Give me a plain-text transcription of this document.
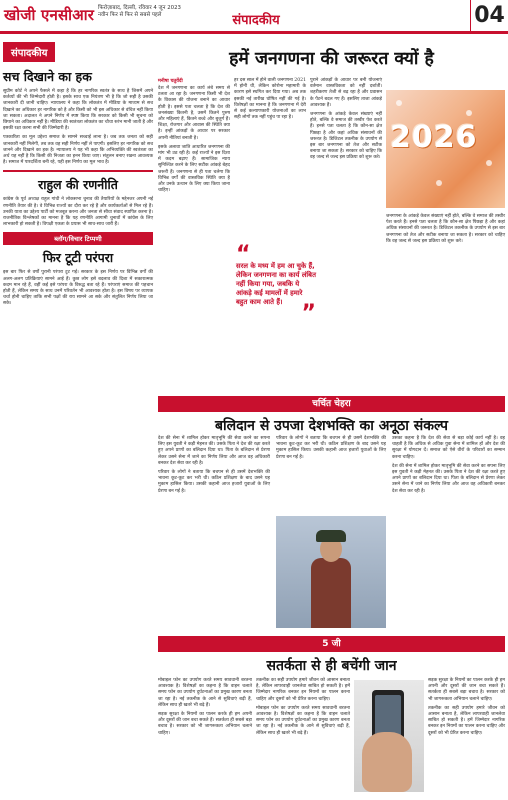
खोजी एनसीआर फिरोज़ाबाद, दिल्ली, रविवार 4 जून 2023
नवीन फिर से फिर से सबसे पहले	संपादकीय	04
संपादकीय
सच दिखाने का हक

सुप्रीम कोर्ट ने अपने फैसले में कहा है कि हर नागरिक स्वतंत्र के साथ है जिसमें अपने कर्तव्यों की भी जिम्मेदारी होती है। इसके साथ एक नियंत्रण भी है कि जो सही है उसकी जानकारी दी जानी चाहिए। न्यायालय ने कहा कि लोकतंत्र में मीडिया के माध्यम से सच दिखाने का अधिकार हर नागरिक को है और किसी को भी इस अधिकार से वंचित नहीं किया जा सकता। अदालत ने अपने निर्णय में स्पष्ट किया कि सरकार को किसी भी सूचना को छिपाने का अधिकार नहीं है। मीडिया की स्वतंत्रता लोकतंत्र का चौथा स्तंभ मानी जाती है और इसकी रक्षा करना सभी की जिम्मेदारी है।

पत्रकारिता का मूल उद्देश्य समाज के सामने सच्चाई लाना है। जब तक जनता को सही जानकारी नहीं मिलेगी, तब तक वह सही निर्णय नहीं ले पाएगी। इसलिए हर नागरिक को सच जानने और दिखाने का हक है। न्यायालय ने यह भी कहा कि अभिव्यक्ति की स्वतंत्रता का अर्थ यह नहीं है कि किसी की निजता का हनन किया जाए। संतुलन बनाए रखना आवश्यक है। समाज में पारदर्शिता बनी रहे, यही इस निर्णय का मूल भाव है।

राहुल की रणनीति

कांग्रेस के पूर्व अध्यक्ष राहुल गांधी ने लोकसभा चुनाव की तैयारियों के मद्देनजर अपनी नई रणनीति तैयार की है। वे विभिन्न राज्यों का दौरा कर रहे हैं और कार्यकर्ताओं से मिल रहे हैं। उनकी यात्रा का उद्देश्य पार्टी को मजबूत करना और जनता से सीधा संवाद स्थापित करना है। राजनीतिक विश्लेषकों का मानना है कि यह रणनीति आगामी चुनावों में कांग्रेस के लिए लाभकारी हो सकती है। विपक्षी एकता के प्रयास भी साथ-साथ जारी हैं।

ब्लॉग/विचार टिप्पणी
फिर टूटी परंपरा

इस बार फिर से वर्षों पुरानी परंपरा टूट गई। सरकार के इस निर्णय पर विभिन्न वर्गों की अलग-अलग प्रतिक्रियाएं सामने आई हैं। कुछ लोग इसे बदलाव की दिशा में सकारात्मक कदम मान रहे हैं, वहीं कई इसे परंपरा के विरुद्ध बता रहे हैं। परंपराएं समाज की पहचान होती हैं, लेकिन समय के साथ उनमें परिवर्तन भी आवश्यक होता है। इस विषय पर व्यापक चर्चा होनी चाहिए ताकि सभी पक्षों की राय सामने आ सके और संतुलित निर्णय लिया जा सके।

हमें जनगणना की जरूरत क्यों है
मनीषा चतुर्वेदी

देश में जनगणना का कार्य लंबे समय से टलता आ रहा है। जनगणना किसी भी देश के विकास की योजना बनाने का आधार होती है। इससे पता चलता है कि देश की जनसंख्या कितनी है, उसमें कितने पुरुष और महिलाएं हैं, कितने बच्चे और बुजुर्ग हैं। शिक्षा, रोजगार और आवास की स्थिति क्या है। इन्हीं आंकड़ों के आधार पर सरकार अपनी नीतियां बनाती है।

इसके अलावा जाति आधारित जनगणना की मांग भी उठ रही है। कई राज्यों ने इस दिशा में कदम बढ़ाए हैं। सामाजिक न्याय सुनिश्चित करने के लिए सटीक आंकड़े बेहद जरूरी हैं। जनगणना से ही पता चलेगा कि विभिन्न वर्गों की वास्तविक स्थिति क्या है और उनके उत्थान के लिए क्या किया जाना चाहिए।

हर दस साल में होने वाली जनगणना 2021 में होनी थी, लेकिन कोरोना महामारी के कारण इसे स्थगित कर दिया गया। अब तक इसकी नई तारीख घोषित नहीं की गई है। विशेषज्ञों का मानना है कि जनगणना में देरी से कई कल्याणकारी योजनाओं का लाभ सही लोगों तक नहीं पहुंच पा रहा है।

पुराने आंकड़ों के आधार पर बनी योजनाएं वर्तमान वास्तविकता को नहीं दर्शातीं। शहरीकरण तेजी से बढ़ रहा है और प्रवासन के पैटर्न बदल गए हैं। इसलिए ताजा आंकड़े आवश्यक हैं।

जनगणना के आंकड़े केवल संख्याएं नहीं होते, बल्कि वे समाज की तस्वीर पेश करते हैं। इनसे पता चलता है कि कौन-सा क्षेत्र पिछड़ा है और कहां अधिक संसाधनों की जरूरत है। डिजिटल तकनीक के उपयोग से इस बार जनगणना को तेज और सटीक बनाया जा सकता है। सरकार को चाहिए कि वह जल्द से जल्द इस प्रक्रिया को शुरू करे।

2026

जनगणना के आंकड़े केवल संख्याएं नहीं होते, बल्कि वे समाज की तस्वीर पेश करते हैं। इनसे पता चलता है कि कौन-सा क्षेत्र पिछड़ा है और कहां अधिक संसाधनों की जरूरत है। डिजिटल तकनीक के उपयोग से इस बार जनगणना को तेज और सटीक बनाया जा सकता है। सरकार को चाहिए कि वह जल्द से जल्द इस प्रक्रिया को शुरू करे।

“
सरल के मध्य में हम आ चुके हैं, लेकिन जनगणना का कार्य लंबित नहीं किया गया, जबकि ये आंकड़े कई मामलों में हमारे बहुत काम आते हैं। ”
चर्चित चेहरा
बलिदान से उपजा देशभक्ति का अनूठा संकल्प

देश की सेना में शामिल होकर मातृभूमि की सेवा करने का सपना लिए इस युवती ने कड़ी मेहनत की। उसके पिता ने देश की रक्षा करते हुए अपने प्राणों का बलिदान दिया था। पिता के बलिदान से प्रेरणा लेकर उसने सेना में जाने का निर्णय लिया और आज वह अधिकारी बनकर देश सेवा कर रही है।

परिवार के लोगों ने बताया कि बचपन से ही उसमें देशभक्ति की भावना कूट-कूट कर भरी थी। कठिन प्रशिक्षण के बाद उसने यह मुकाम हासिल किया। उसकी कहानी आज हजारों युवाओं के लिए प्रेरणा बन गई है।

परिवार के लोगों ने बताया कि बचपन से ही उसमें देशभक्ति की भावना कूट-कूट कर भरी थी। कठिन प्रशिक्षण के बाद उसने यह मुकाम हासिल किया। उसकी कहानी आज हजारों युवाओं के लिए प्रेरणा बन गई है।

उसका कहना है कि देश की सेवा से बड़ा कोई कार्य नहीं है। वह चाहती है कि अधिक से अधिक युवा सेना में शामिल हों और देश की सुरक्षा में योगदान दें। समाज को ऐसे वीरों के परिवारों का सम्मान करना चाहिए।

देश की सेना में शामिल होकर मातृभूमि की सेवा करने का सपना लिए इस युवती ने कड़ी मेहनत की। उसके पिता ने देश की रक्षा करते हुए अपने प्राणों का बलिदान दिया था। पिता के बलिदान से प्रेरणा लेकर उसने सेना में जाने का निर्णय लिया और आज वह अधिकारी बनकर देश सेवा कर रही है।

5 जी
सतर्कता से ही बचेंगी जान

मोबाइल फोन का उपयोग करते समय सावधानी बरतना आवश्यक है। विशेषज्ञों का कहना है कि वाहन चलाते समय फोन का उपयोग दुर्घटनाओं का प्रमुख कारण बनता जा रहा है। नई तकनीक के आने से सुविधाएं बढ़ी हैं, लेकिन साथ ही खतरे भी बढ़े हैं।

सड़क सुरक्षा के नियमों का पालन करके ही हम अपनी और दूसरों की जान बचा सकते हैं। सतर्कता ही सबसे बड़ा बचाव है। सरकार को भी जागरूकता अभियान चलाने चाहिए।

तकनीक का सही उपयोग हमारे जीवन को आसान बनाता है, लेकिन लापरवाही जानलेवा साबित हो सकती है। हमें जिम्मेदार नागरिक बनकर इन नियमों का पालन करना चाहिए और दूसरों को भी प्रेरित करना चाहिए।

मोबाइल फोन का उपयोग करते समय सावधानी बरतना आवश्यक है। विशेषज्ञों का कहना है कि वाहन चलाते समय फोन का उपयोग दुर्घटनाओं का प्रमुख कारण बनता जा रहा है। नई तकनीक के आने से सुविधाएं बढ़ी हैं, लेकिन साथ ही खतरे भी बढ़े हैं।

सड़क सुरक्षा के नियमों का पालन करके ही हम अपनी और दूसरों की जान बचा सकते हैं। सतर्कता ही सबसे बड़ा बचाव है। सरकार को भी जागरूकता अभियान चलाने चाहिए।

तकनीक का सही उपयोग हमारे जीवन को आसान बनाता है, लेकिन लापरवाही जानलेवा साबित हो सकती है। हमें जिम्मेदार नागरिक बनकर इन नियमों का पालन करना चाहिए और दूसरों को भी प्रेरित करना चाहिए।
